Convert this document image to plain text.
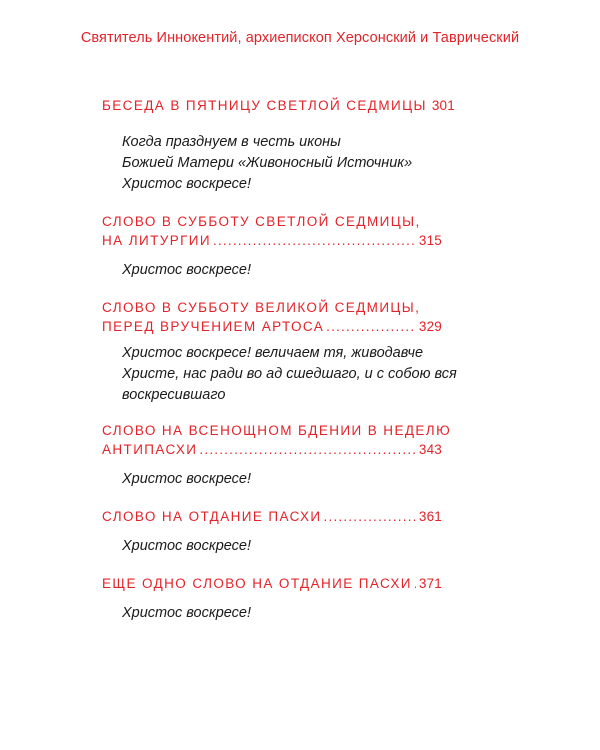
Святитель Иннокентий, архиепископ Херсонский и Таврический
БЕСЕДА В ПЯТНИЦУ СВЕТЛОЙ СЕДМИЦЫ 301
Когда празднуем в честь иконы
Божией Матери «Живоносный Источник»
Христос воскресе!
СЛОВО В СУББОТУ СВЕТЛОЙ СЕДМИЦЫ,
НА ЛИТУРГИИ .....	315
Христос воскресе!
СЛОВО В СУББОТУ ВЕЛИКОЙ СЕДМИЦЫ,
ПЕРЕД ВРУЧЕНИЕМ АРТОСА .....	329
Христос воскресе! величаем тя, живодавче
Христе, нас ради во ад сшедшаго, и с собою вся
воскресившаго
СЛОВО НА ВСЕНОЩНОМ БДЕНИИ В НЕДЕЛЮ
АНТИПАСХИ .....	343
Христос воскресе!
СЛОВО НА ОТДАНИЕ ПАСХИ .....	361
Христос воскресе!
ЕЩЕ ОДНО СЛОВО НА ОТДАНИЕ ПАСХИ ..... 371
Христос воскресе!
